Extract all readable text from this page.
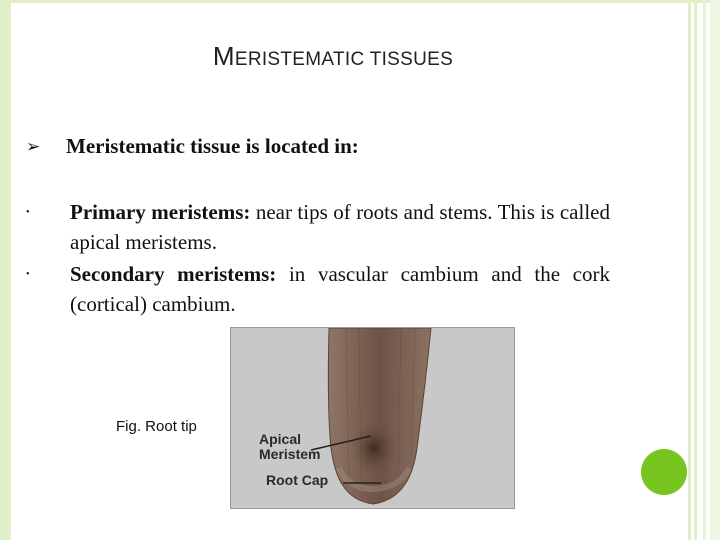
MERISTEMATIC TISSUES
➢ Meristematic tissue is located in:
• Primary meristems: near tips of roots and stems. This is called apical meristems.
• Secondary meristems: in vascular cambium and the cork (cortical) cambium.
Apical
Meristem
Root Cap
Fig. Root tip
